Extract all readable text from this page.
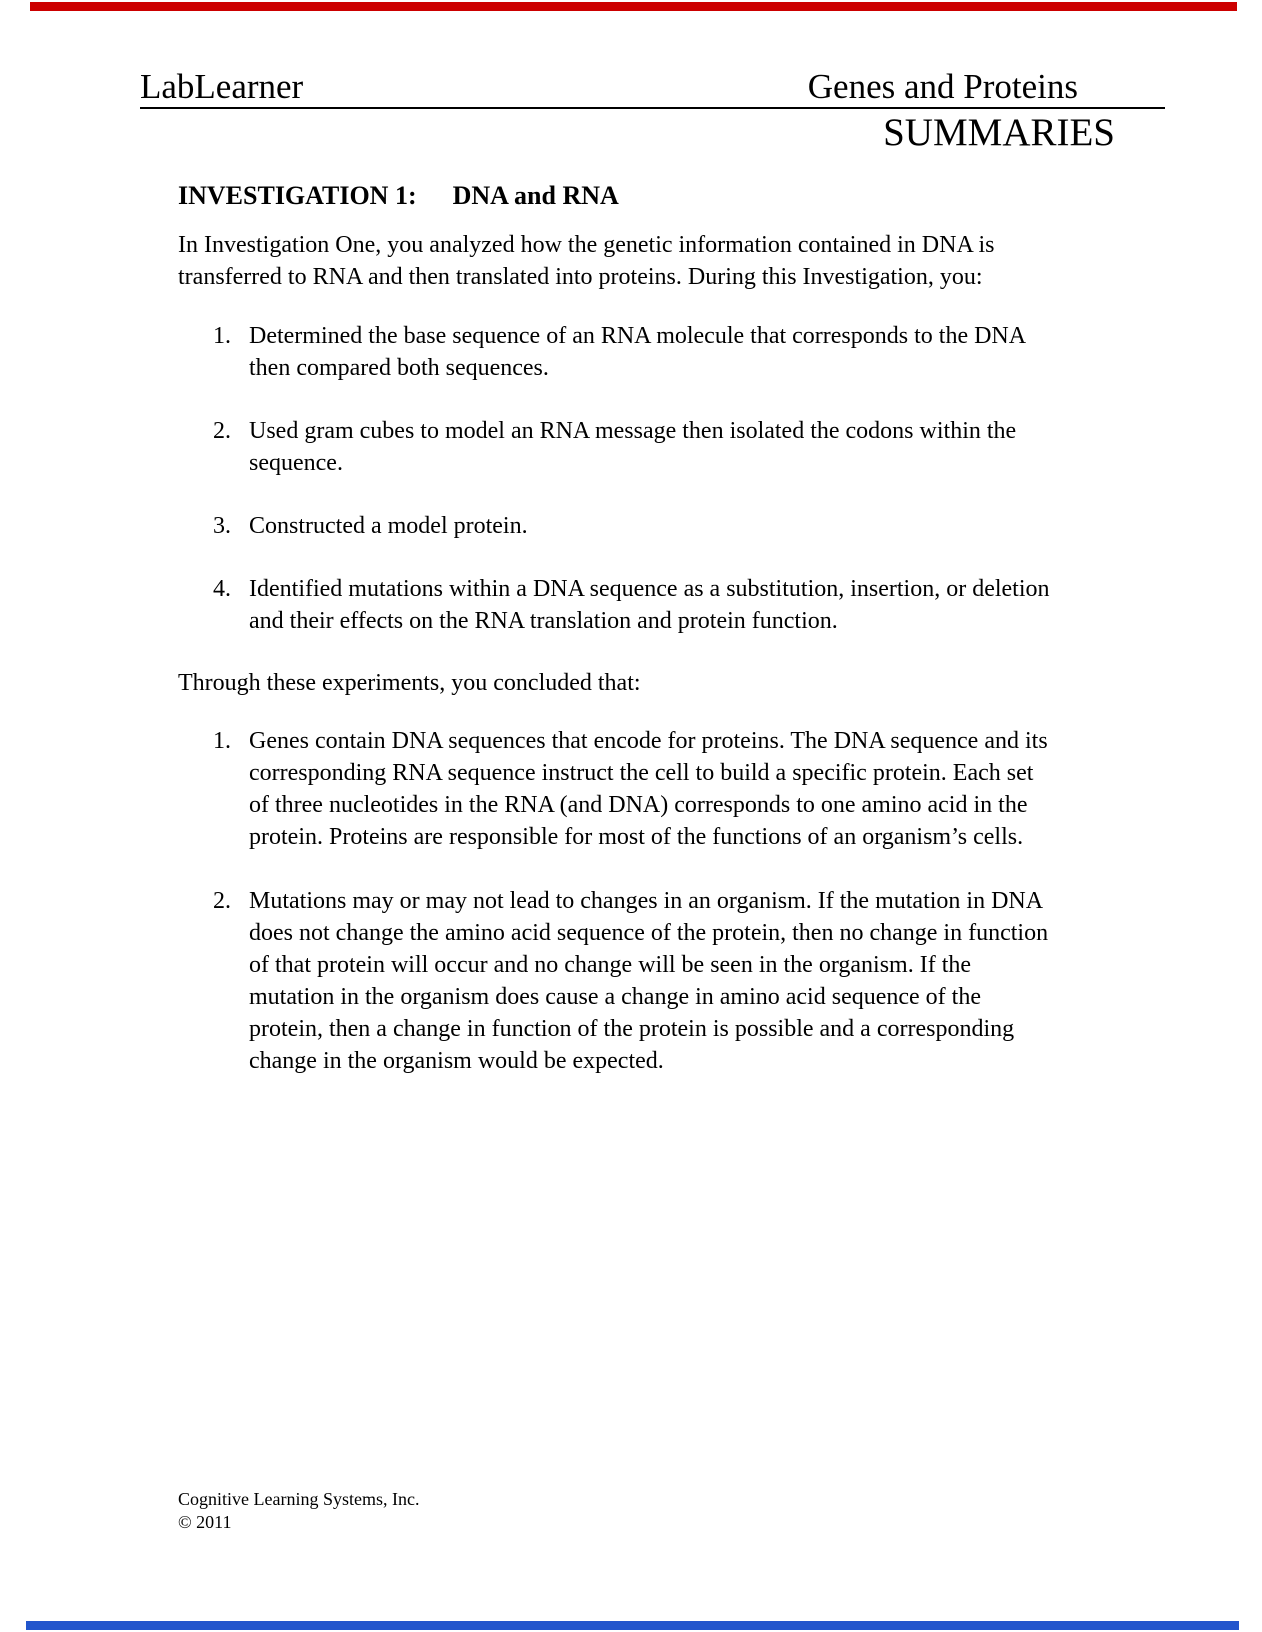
LabLearner	Genes and Proteins
SUMMARIES
INVESTIGATION 1: DNA and RNA

In Investigation One, you analyzed how the genetic information contained in DNA is transferred to RNA and then translated into proteins. During this Investigation, you:

1. Determined the base sequence of an RNA molecule that corresponds to the DNA then compared both sequences.
2. Used gram cubes to model an RNA message then isolated the codons within the sequence.
3. Constructed a model protein.
4. Identified mutations within a DNA sequence as a substitution, insertion, or deletion and their effects on the RNA translation and protein function.

Through these experiments, you concluded that:

1. Genes contain DNA sequences that encode for proteins. The DNA sequence and its corresponding RNA sequence instruct the cell to build a specific protein. Each set of three nucleotides in the RNA (and DNA) corresponds to one amino acid in the protein. Proteins are responsible for most of the functions of an organism’s cells.
2. Mutations may or may not lead to changes in an organism. If the mutation in DNA does not change the amino acid sequence of the protein, then no change in function of that protein will occur and no change will be seen in the organism. If the mutation in the organism does cause a change in amino acid sequence of the protein, then a change in function of the protein is possible and a corresponding change in the organism would be expected.
Cognitive Learning Systems, Inc.
© 2011
